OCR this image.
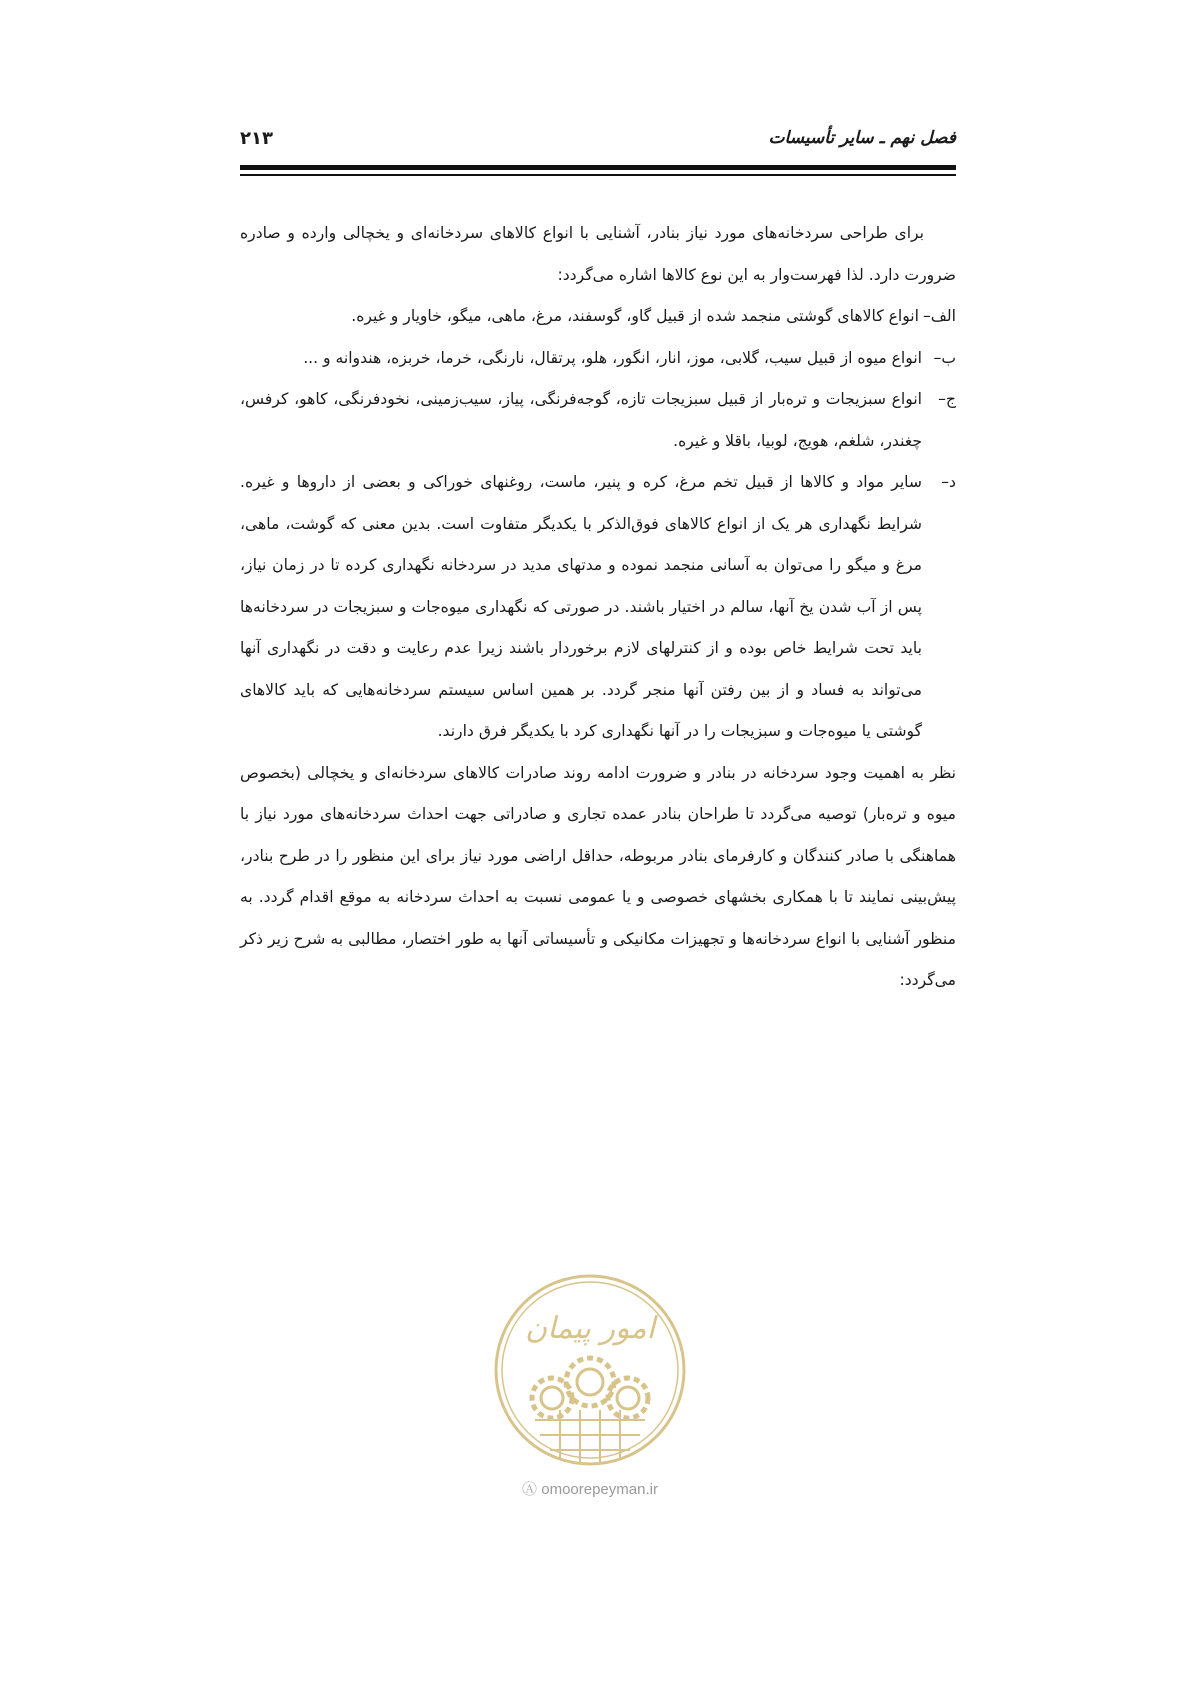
فصل نهم ـ سایر تأسیسات
۲۱۳

برای طراحی سردخانه‌های مورد نیاز بنادر، آشنایی با انواع کالاهای سردخانه‌ای و یخچالی وارده و صادره ضرورت دارد. لذا فهرست‌وار به این نوع کالاها اشاره می‌گردد:

الف–
انواع کالاهای گوشتی منجمد شده از قبیل گاو، گوسفند، مرغ، ماهی، میگو، خاویار و غیره.
ب–
انواع میوه از قبیل سیب، گلابی، موز، انار، انگور، هلو، پرتقال، نارنگی، خرما، خربزه، هندوانه و ...
ج–
انواع سبزیجات و تره‌بار از قبیل سبزیجات تازه، گوجه‌فرنگی، پیاز، سیب‌زمینی، نخودفرنگی، کاهو، کرفس، چغندر، شلغم، هویج، لوبیا، باقلا و غیره.
د–
سایر مواد و کالاها از قبیل تخم مرغ، کره و پنیر، ماست، روغنهای خوراکی و بعضی از داروها و غیره. شرایط نگهداری هر یک از انواع کالاهای فوق‌الذکر با یکدیگر متفاوت است. بدین معنی که گوشت، ماهی، مرغ و میگو را می‌توان به آسانی منجمد نموده و مدتهای مدید در سردخانه نگهداری کرده تا در زمان نیاز، پس از آب شدن یخ آنها، سالم در اختیار باشند. در صورتی که نگهداری میوه‌جات و سبزیجات در سردخانه‌ها باید تحت شرایط خاص بوده و از کنترلهای لازم برخوردار باشند زیرا عدم رعایت و دقت در نگهداری آنها می‌تواند به فساد و از بین رفتن آنها منجر گردد. بر همین اساس سیستم سردخانه‌هایی که باید کالاهای گوشتی یا میوه‌جات و سبزیجات را در آنها نگهداری کرد با یکدیگر فرق دارند.

نظر به اهمیت وجود سردخانه در بنادر و ضرورت ادامه روند صادرات کالاهای سردخانه‌ای و یخچالی (بخصوص میوه و تره‌بار) توصیه می‌گردد تا طراحان بنادر عمده تجاری و صادراتی جهت احداث سردخانه‌های مورد نیاز با هماهنگی با صادر کنندگان و کارفرمای بنادر مربوطه، حداقل اراضی مورد نیاز برای این منظور را در طرح بنادر، پیش‌بینی نمایند تا با همکاری بخشهای خصوصی و یا عمومی نسبت به احداث سردخانه به موقع اقدام گردد. به منظور آشنایی با انواع سردخانه‌ها و تجهیزات مکانیکی و تأسیساتی آنها به طور اختصار، مطالبی به شرح زیر ذکر می‌گردد:

امور پیمان
Ⓐ omoorepeyman.ir
